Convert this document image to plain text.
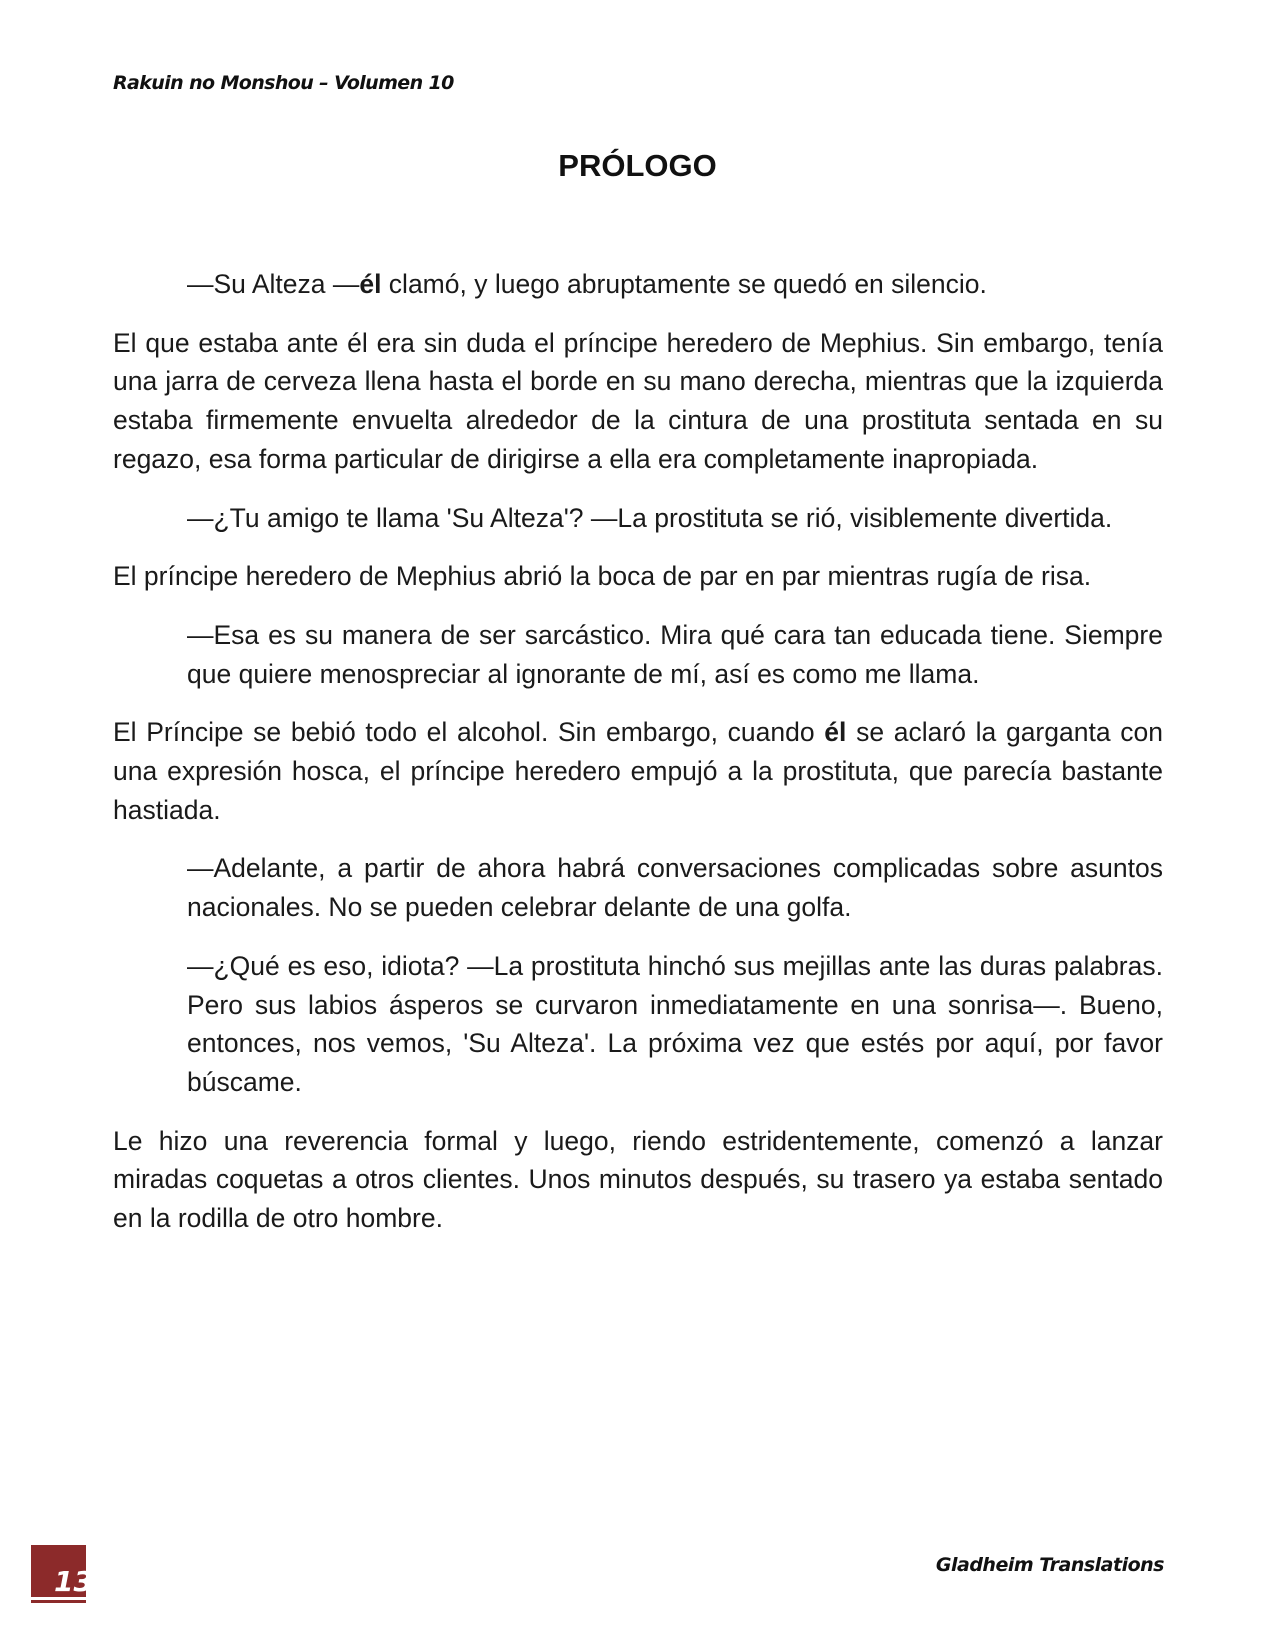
Rakuin no Monshou – Volumen 10
PRÓLOGO

—Su Alteza —él clamó, y luego abruptamente se quedó en silencio.

El que estaba ante él era sin duda el príncipe heredero de Mephius. Sin embargo, tenía una jarra de cerveza llena hasta el borde en su mano derecha, mientras que la izquierda estaba firmemente envuelta alrededor de la cintura de una prostituta sentada en su regazo, esa forma particular de dirigirse a ella era completamente inapropiada.

—¿Tu amigo te llama 'Su Alteza'? —La prostituta se rió, visiblemente divertida.

El príncipe heredero de Mephius abrió la boca de par en par mientras rugía de risa.

—Esa es su manera de ser sarcástico. Mira qué cara tan educada tiene. Siempre que quiere menospreciar al ignorante de mí, así es como me llama.

El Príncipe se bebió todo el alcohol. Sin embargo, cuando él se aclaró la garganta con una expresión hosca, el príncipe heredero empujó a la prostituta, que parecía bastante hastiada.

—Adelante, a partir de ahora habrá conversaciones complicadas sobre asuntos nacionales. No se pueden celebrar delante de una golfa.

—¿Qué es eso, idiota? —La prostituta hinchó sus mejillas ante las duras palabras. Pero sus labios ásperos se curvaron inmediatamente en una sonrisa—. Bueno, entonces, nos vemos, 'Su Alteza'. La próxima vez que estés por aquí, por favor búscame.

Le hizo una reverencia formal y luego, riendo estridentemente, comenzó a lanzar miradas coquetas a otros clientes. Unos minutos después, su trasero ya estaba sentado en la rodilla de otro hombre.

13	Gladheim Translations
